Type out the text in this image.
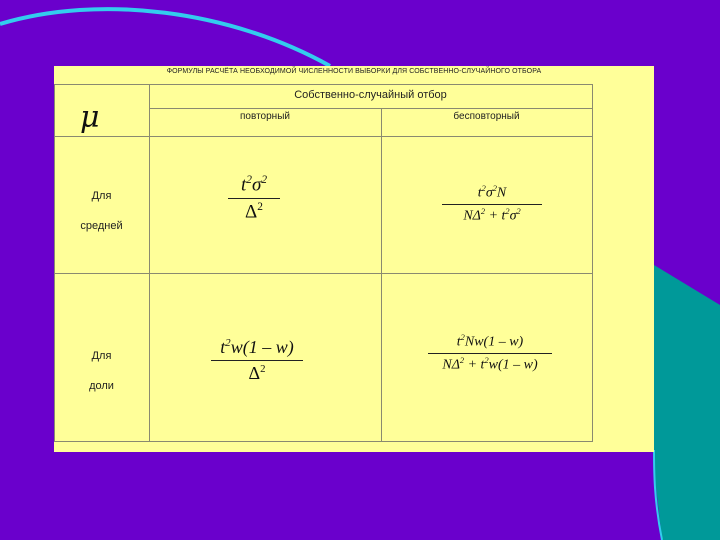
ФОРМУЛЫ РАСЧЁТА НЕОБХОДИМОЙ ЧИСЛЕННОСТИ ВЫБОРКИ ДЛЯ СОБСТВЕННО-СЛУЧАЙНОГО ОТБОРА
μ
Собственно-случайный отбор
повторный	бесповторный
Для
средней
Для
доли
$t^2\sigma^2$
$\Delta^2$
$t^2\sigma^2N$
$N\Delta^2 + t^2\sigma^2$
$t^2w(1 - w)$
$\Delta^2$
$t^2Nw(1 - w)$
$N\Delta^2 + t^2w(1 - w)$
